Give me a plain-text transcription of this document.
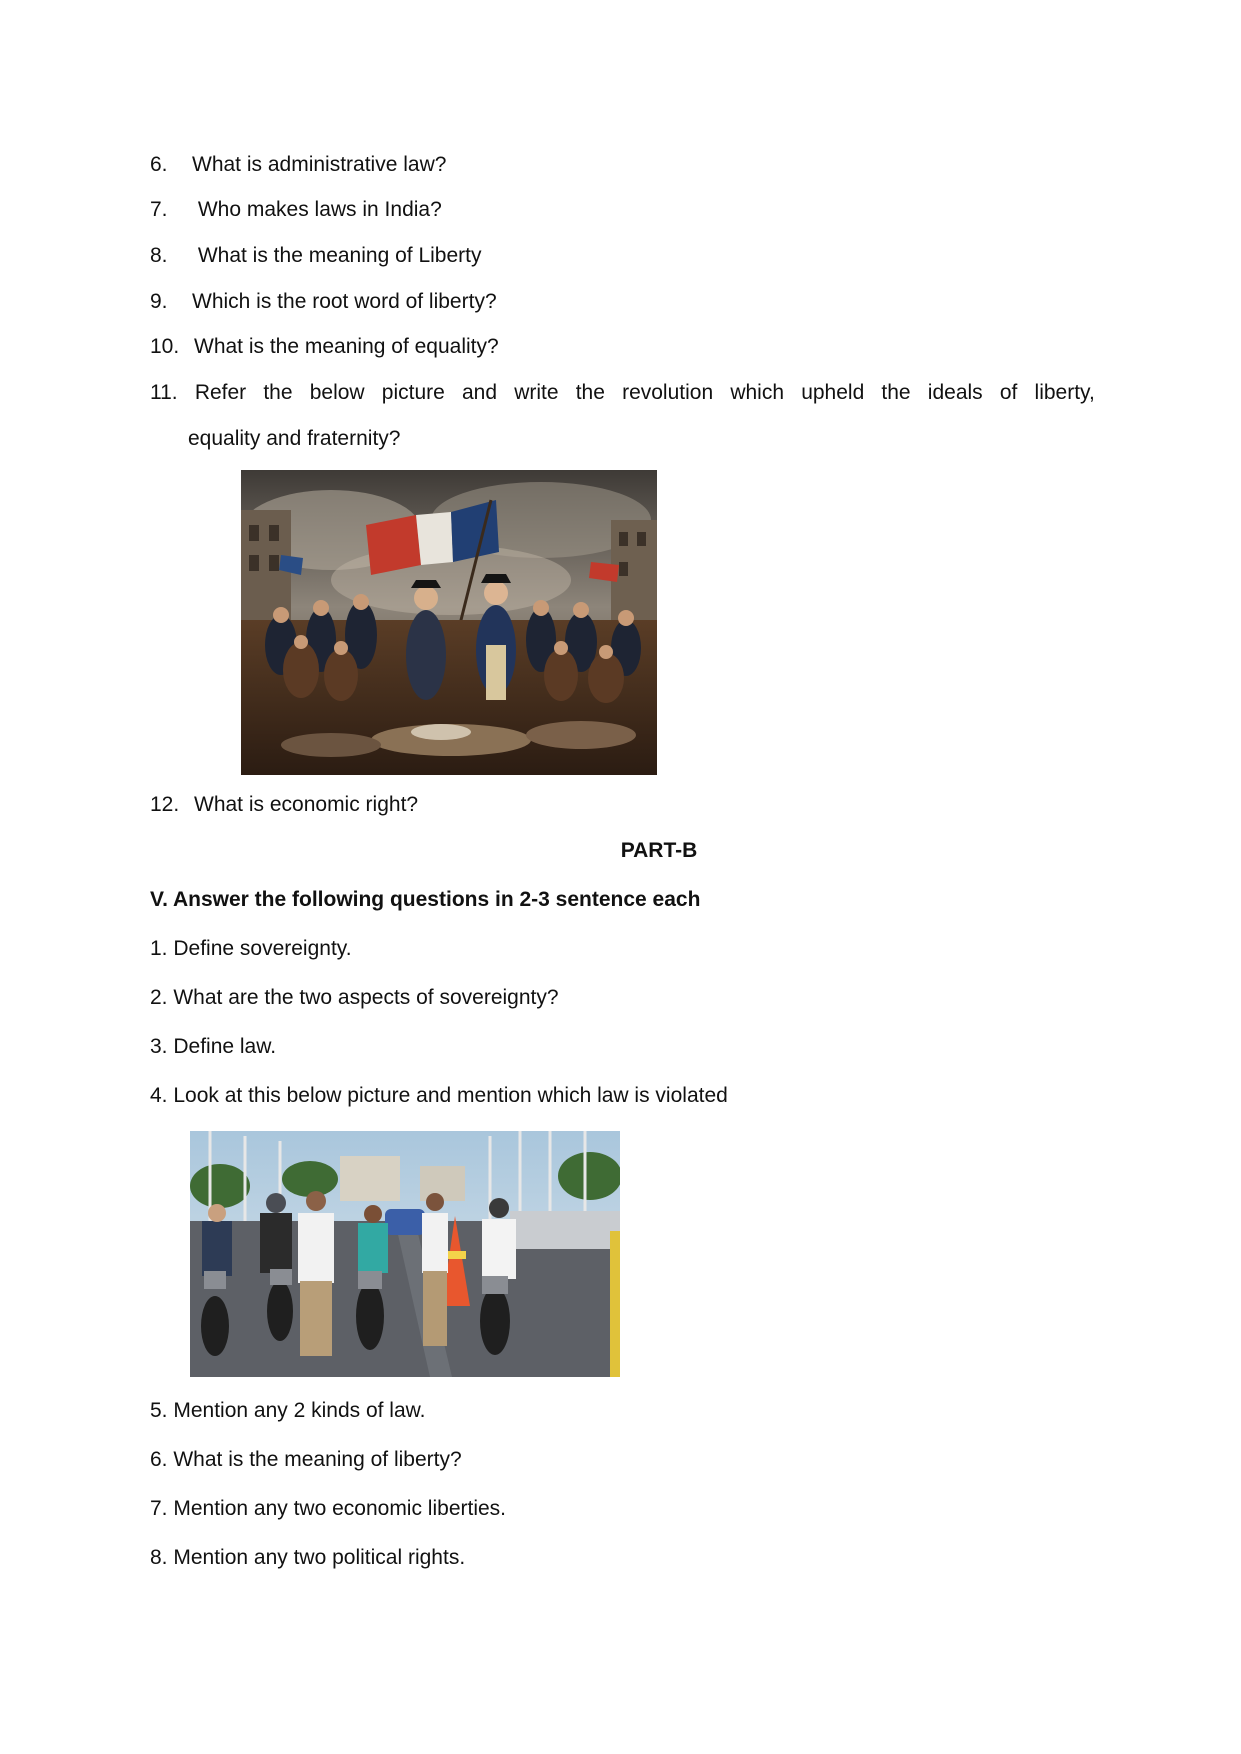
6. What is administrative law?
7. Who makes laws in India?
8. What is the meaning of Liberty
9. Which is the root word of liberty?
10. What is the meaning of equality?
11. Refer the below picture and write the revolution which upheld the ideals of liberty,
equality and fraternity?
12. What is economic right?
PART-B
V. Answer the following questions in 2-3 sentence each
1. Define sovereignty.
2. What are the two aspects of sovereignty?
3. Define law.
4. Look at this below picture and mention which law is violated
5. Mention any 2 kinds of law.
6. What is the meaning of liberty?
7. Mention any two economic liberties.
8. Mention any two political rights.
